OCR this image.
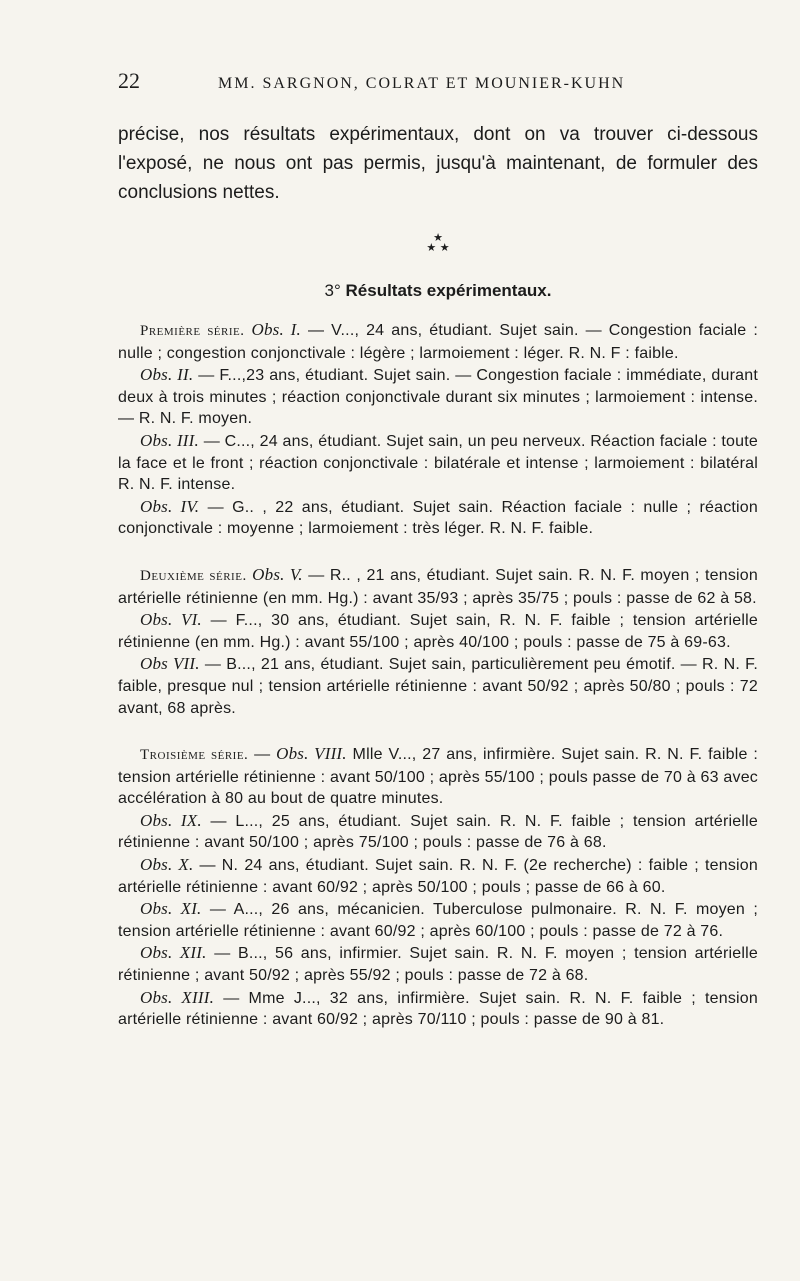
22	MM. SARGNON, COLRAT ET MOUNIER-KUHN
précise, nos résultats expérimentaux, dont on va trouver ci-dessous l'exposé, ne nous ont pas permis, jusqu'à maintenant, de formuler des conclusions nettes.
★
★ ★
3° Résultats expérimentaux.

Première série. Obs. I. — V..., 24 ans, étudiant. Sujet sain. — Congestion faciale : nulle ; congestion conjonctivale : légère ; larmoiement : léger. R. N. F : faible.

Obs. II. — F...,23 ans, étudiant. Sujet sain. — Congestion faciale : immédiate, durant deux à trois minutes ; réaction conjonctivale durant six minutes ; larmoiement : intense. — R. N. F. moyen.

Obs. III. — C..., 24 ans, étudiant. Sujet sain, un peu nerveux. Réaction faciale : toute la face et le front ; réaction conjonctivale : bilatérale et intense ; larmoiement : bilatéral R. N. F. intense.

Obs. IV. — G.. , 22 ans, étudiant. Sujet sain. Réaction faciale : nulle ; réaction conjonctivale : moyenne ; larmoiement : très léger. R. N. F. faible.

Deuxième série. Obs. V. — R.. , 21 ans, étudiant. Sujet sain. R. N. F. moyen ; tension artérielle rétinienne (en mm. Hg.) : avant 35/93 ; après 35/75 ; pouls : passe de 62 à 58.

Obs. VI. — F..., 30 ans, étudiant. Sujet sain, R. N. F. faible ; tension artérielle rétinienne (en mm. Hg.) : avant 55/100 ; après 40/100 ; pouls : passe de 75 à 69-63.

Obs VII. — B..., 21 ans, étudiant. Sujet sain, particulièrement peu émotif. — R. N. F. faible, presque nul ; tension artérielle rétinienne : avant 50/92 ; après 50/80 ; pouls : 72 avant, 68 après.

Troisième série. — Obs. VIII. Mlle V..., 27 ans, infirmière. Sujet sain. R. N. F. faible : tension artérielle rétinienne : avant 50/100 ; après 55/100 ; pouls passe de 70 à 63 avec accélération à 80 au bout de quatre minutes.

Obs. IX. — L..., 25 ans, étudiant. Sujet sain. R. N. F. faible ; tension artérielle rétinienne : avant 50/100 ; après 75/100 ; pouls : passe de 76 à 68.

Obs. X. — N. 24 ans, étudiant. Sujet sain. R. N. F. (2e recherche) : faible ; tension artérielle rétinienne : avant 60/92 ; après 50/100 ; pouls ; passe de 66 à 60.

Obs. XI. — A..., 26 ans, mécanicien. Tuberculose pulmonaire. R. N. F. moyen ; tension artérielle rétinienne : avant 60/92 ; après 60/100 ; pouls : passe de 72 à 76.

Obs. XII. — B..., 56 ans, infirmier. Sujet sain. R. N. F. moyen ; tension artérielle rétinienne ; avant 50/92 ; après 55/92 ; pouls : passe de 72 à 68.

Obs. XIII. — Mme J..., 32 ans, infirmière. Sujet sain. R. N. F. faible ; tension artérielle rétinienne : avant 60/92 ; après 70/110 ; pouls : passe de 90 à 81.
